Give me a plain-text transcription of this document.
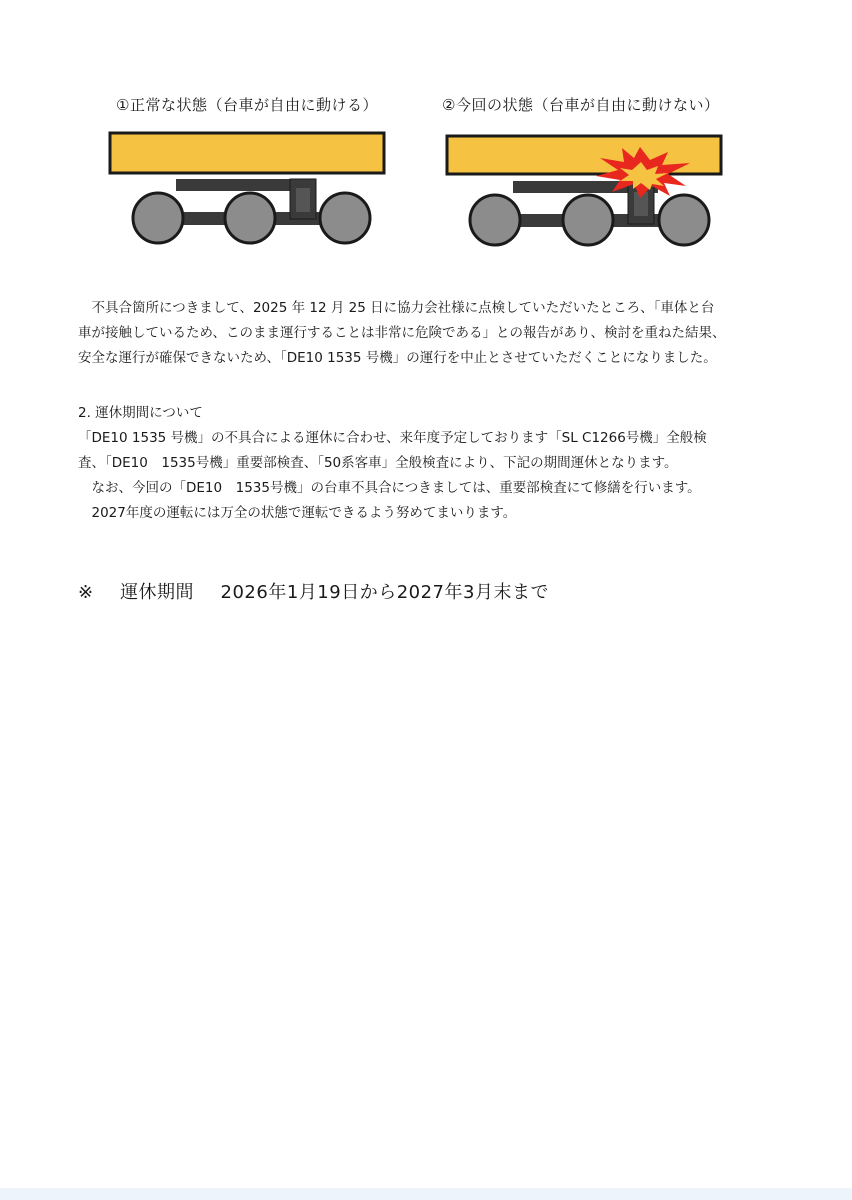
①正常な状態（台車が自由に動ける）	②今回の状態（台車が自由に動けない）
　不具合箇所につきまして、2025 年 12 月 25 日に協力会社様に点検していただいたところ、「車体と台
車が接触しているため、このまま運行することは非常に危険である」との報告があり、検討を重ねた結果、
安全な運行が確保できないため、「DE10 1535 号機」の運行を中止とさせていただくことになりました。
2. 運休期間について
「DE10 1535 号機」の不具合による運休に合わせ、来年度予定しております「SL C1266号機」全般検
査、「DE10　1535号機」重要部検査、「50系客車」全般検査により、下記の期間運休となります。
　なお、今回の「DE10　1535号機」の台車不具合につきましては、重要部検査にて修繕を行います。
　2027年度の運転には万全の状態で運転できるよう努めてまいります。
※ 運休期間 2026年1月19日から2027年3月末まで
